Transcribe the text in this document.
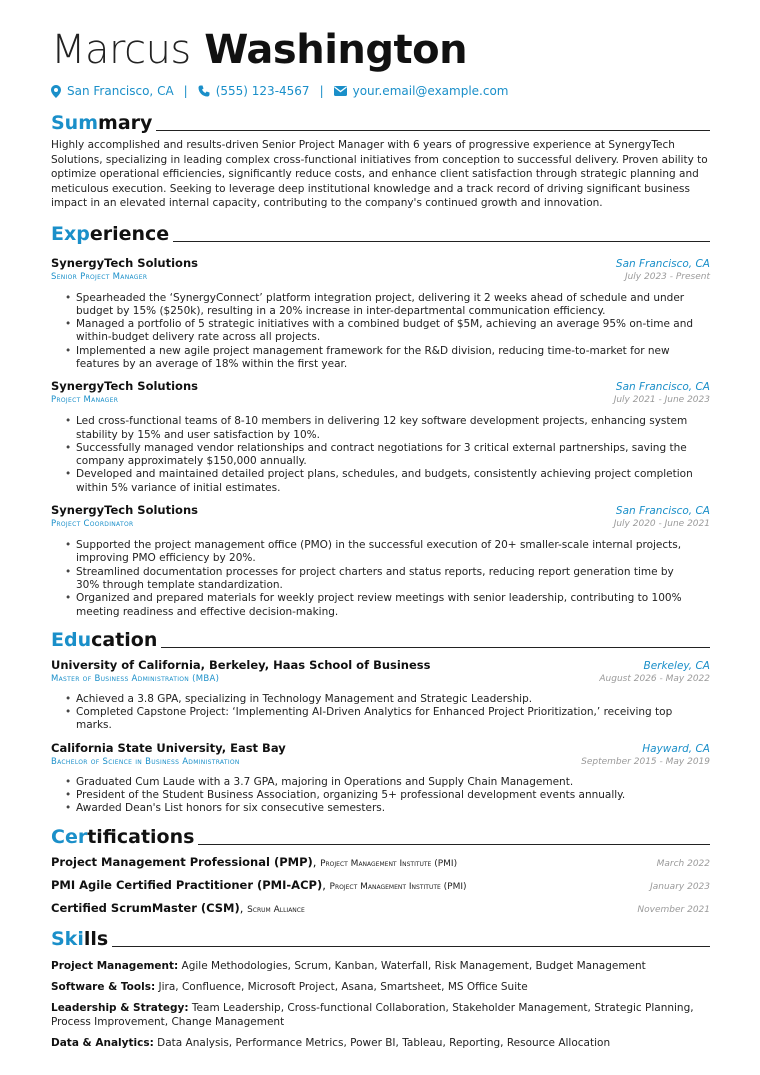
Marcus Washington
San Francisco, CA | (555) 123-4567 | your.email@example.com
Summary
Highly accomplished and results-driven Senior Project Manager with 6 years of progressive experience at SynergyTech Solutions, specializing in leading complex cross-functional initiatives from conception to successful delivery. Proven ability to optimize operational efficiencies, significantly reduce costs, and enhance client satisfaction through strategic planning and meticulous execution. Seeking to leverage deep institutional knowledge and a track record of driving significant business impact in an elevated internal capacity, contributing to the company's continued growth and innovation.
Experience
SynergyTech Solutions	San Francisco, CA
Senior Project Manager	July 2023 - Present
• Spearheaded the ‘SynergyConnect’ platform integration project, delivering it 2 weeks ahead of schedule and under budget by 15% ($250k), resulting in a 20% increase in inter-departmental communication efficiency.
• Managed a portfolio of 5 strategic initiatives with a combined budget of $5M, achieving an average 95% on-time and within-budget delivery rate across all projects.
• Implemented a new agile project management framework for the R&D division, reducing time-to-market for new features by an average of 18% within the first year.
SynergyTech Solutions	San Francisco, CA
Project Manager	July 2021 - June 2023
• Led cross-functional teams of 8-10 members in delivering 12 key software development projects, enhancing system stability by 15% and user satisfaction by 10%.
• Successfully managed vendor relationships and contract negotiations for 3 critical external partnerships, saving the company approximately $150,000 annually.
• Developed and maintained detailed project plans, schedules, and budgets, consistently achieving project completion within 5% variance of initial estimates.
SynergyTech Solutions	San Francisco, CA
Project Coordinator	July 2020 - June 2021
• Supported the project management office (PMO) in the successful execution of 20+ smaller-scale internal projects, improving PMO efficiency by 20%.
• Streamlined documentation processes for project charters and status reports, reducing report generation time by 30% through template standardization.
• Organized and prepared materials for weekly project review meetings with senior leadership, contributing to 100% meeting readiness and effective decision-making.
Education
University of California, Berkeley, Haas School of Business	Berkeley, CA
Master of Business Administration (MBA)	August 2026 - May 2022
• Achieved a 3.8 GPA, specializing in Technology Management and Strategic Leadership.
• Completed Capstone Project: ‘Implementing AI-Driven Analytics for Enhanced Project Prioritization,’ receiving top marks.
California State University, East Bay	Hayward, CA
Bachelor of Science in Business Administration	September 2015 - May 2019
• Graduated Cum Laude with a 3.7 GPA, majoring in Operations and Supply Chain Management.
• President of the Student Business Association, organizing 5+ professional development events annually.
• Awarded Dean's List honors for six consecutive semesters.
Certifications
Project Management Professional (PMP), Project Management Institute (PMI)	March 2022
PMI Agile Certified Practitioner (PMI-ACP), Project Management Institute (PMI)	January 2023
Certified ScrumMaster (CSM), Scrum Alliance	November 2021
Skills
Project Management: Agile Methodologies, Scrum, Kanban, Waterfall, Risk Management, Budget Management
Software & Tools: Jira, Confluence, Microsoft Project, Asana, Smartsheet, MS Office Suite
Leadership & Strategy: Team Leadership, Cross-functional Collaboration, Stakeholder Management, Strategic Planning, Process Improvement, Change Management
Data & Analytics: Data Analysis, Performance Metrics, Power BI, Tableau, Reporting, Resource Allocation
